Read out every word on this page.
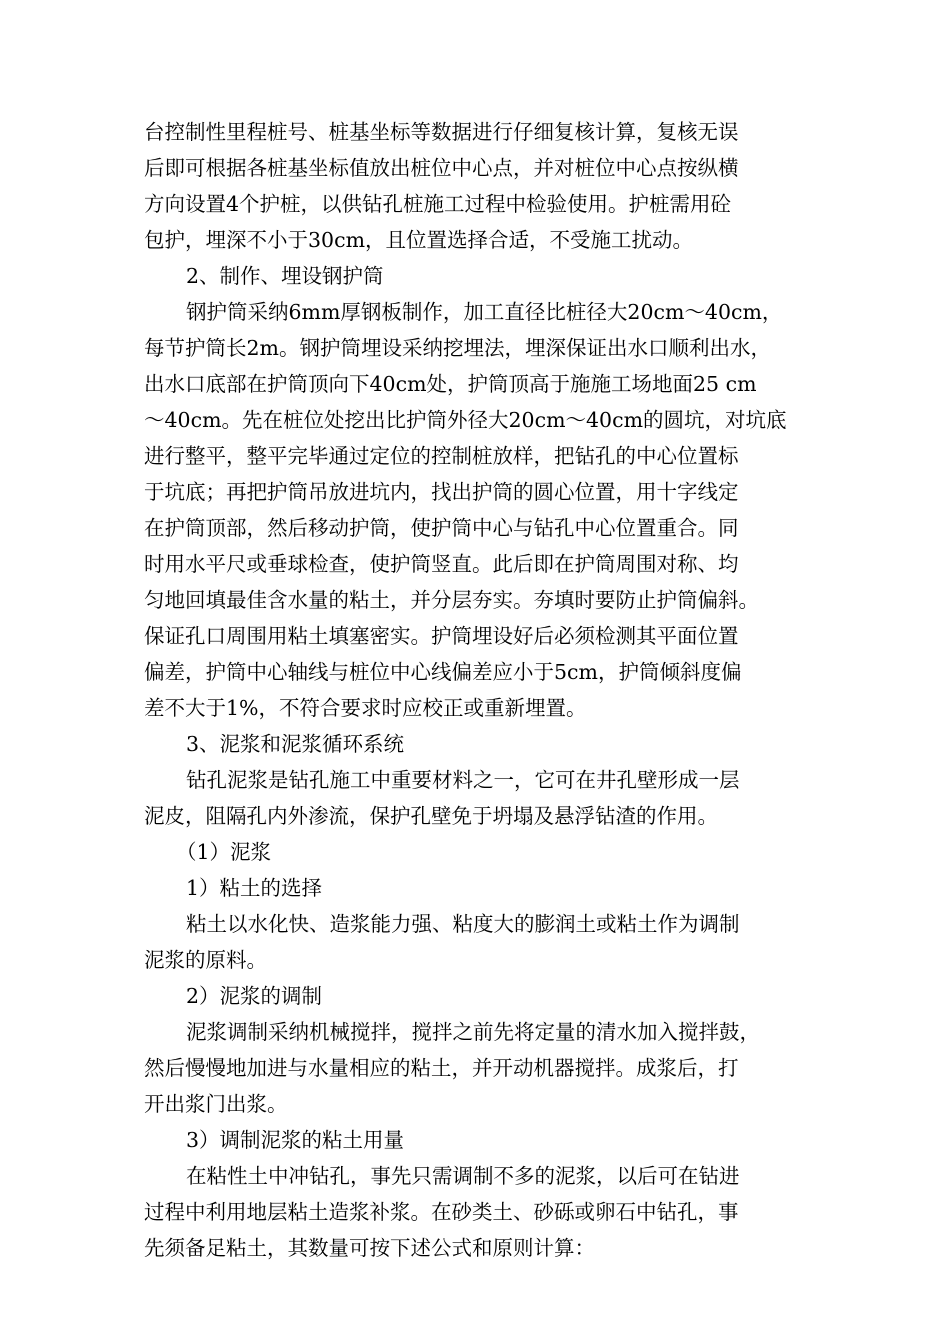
台控制性里程桩号、桩基坐标等数据进行仔细复核计算，复核无误
后即可根据各桩基坐标值放出桩位中心点，并对桩位中心点按纵横
方向设置4个护桩，以供钻孔桩施工过程中检验使用。护桩需用砼
包护，埋深不小于30cm，且位置选择合适，不受施工扰动。
2、制作、埋设钢护筒
钢护筒采纳6mm厚钢板制作，加工直径比桩径大20cm～40cm，
每节护筒长2m。钢护筒埋设采纳挖埋法，埋深保证出水口顺利出水，
出水口底部在护筒顶向下40cm处，护筒顶高于施施工场地面25 cm
～40cm。先在桩位处挖出比护筒外径大20cm～40cm的圆坑，对坑底
进行整平，整平完毕通过定位的控制桩放样，把钻孔的中心位置标
于坑底；再把护筒吊放进坑内，找出护筒的圆心位置，用十字线定
在护筒顶部，然后移动护筒，使护筒中心与钻孔中心位置重合。同
时用水平尺或垂球检查，使护筒竖直。此后即在护筒周围对称、均
匀地回填最佳含水量的粘土，并分层夯实。夯填时要防止护筒偏斜。
保证孔口周围用粘土填塞密实。护筒埋设好后必须检测其平面位置
偏差，护筒中心轴线与桩位中心线偏差应小于5cm，护筒倾斜度偏
差不大于1%，不符合要求时应校正或重新埋置。
3、泥浆和泥浆循环系统
钻孔泥浆是钻孔施工中重要材料之一，它可在井孔壁形成一层
泥皮，阻隔孔内外渗流，保护孔壁免于坍塌及悬浮钻渣的作用。
（1）泥浆
1）粘土的选择
粘土以水化快、造浆能力强、粘度大的膨润土或粘土作为调制
泥浆的原料。
2）泥浆的调制
泥浆调制采纳机械搅拌，搅拌之前先将定量的清水加入搅拌鼓，
然后慢慢地加进与水量相应的粘土，并开动机器搅拌。成浆后，打
开出浆门出浆。
3）调制泥浆的粘土用量
在粘性土中冲钻孔，事先只需调制不多的泥浆，以后可在钻进
过程中利用地层粘土造浆补浆。在砂类土、砂砾或卵石中钻孔，事
先须备足粘土，其数量可按下述公式和原则计算：
